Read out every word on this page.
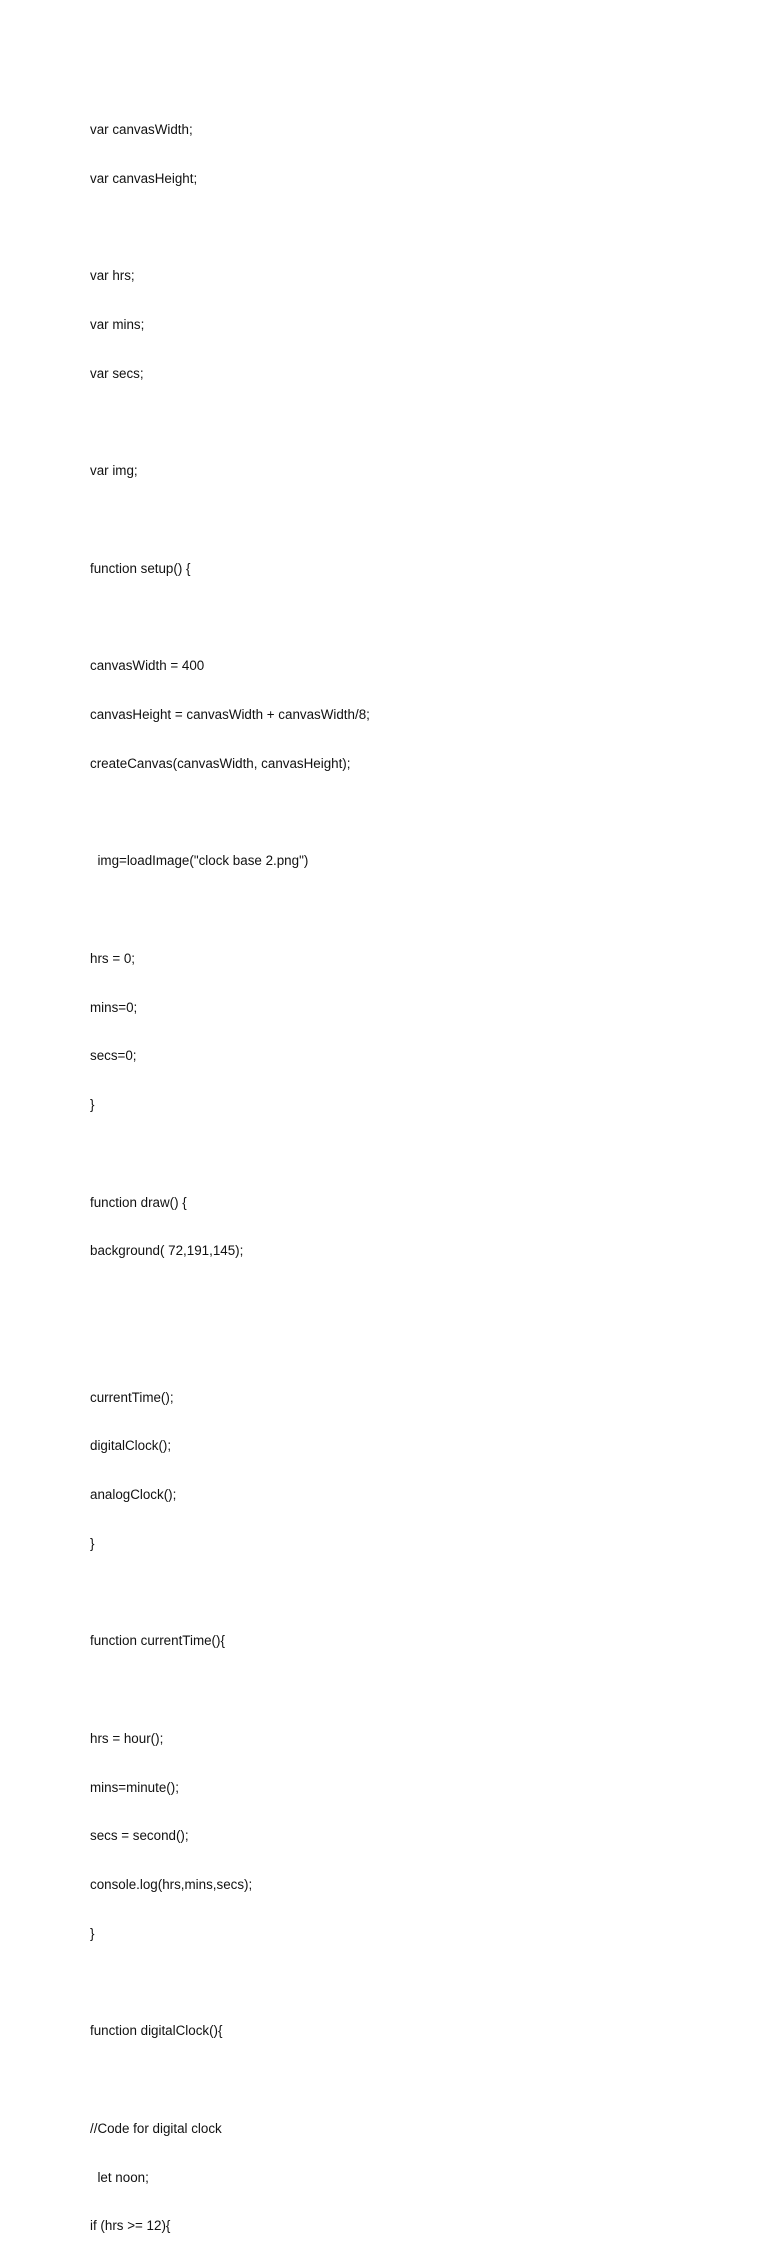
var canvasWidth;

var canvasHeight;

var hrs;

var mins;

var secs;

var img;

function setup() {

canvasWidth = 400

canvasHeight = canvasWidth + canvasWidth/8;

createCanvas(canvasWidth, canvasHeight);

img=loadImage("clock base 2.png")

hrs = 0;

mins=0;

secs=0;

}

function draw() {

background( 72,191,145);

currentTime();

digitalClock();

analogClock();

}

function currentTime(){

hrs = hour();

mins=minute();

secs = second();

console.log(hrs,mins,secs);

}

function digitalClock(){

//Code for digital clock

let noon;

if (hrs >= 12){
